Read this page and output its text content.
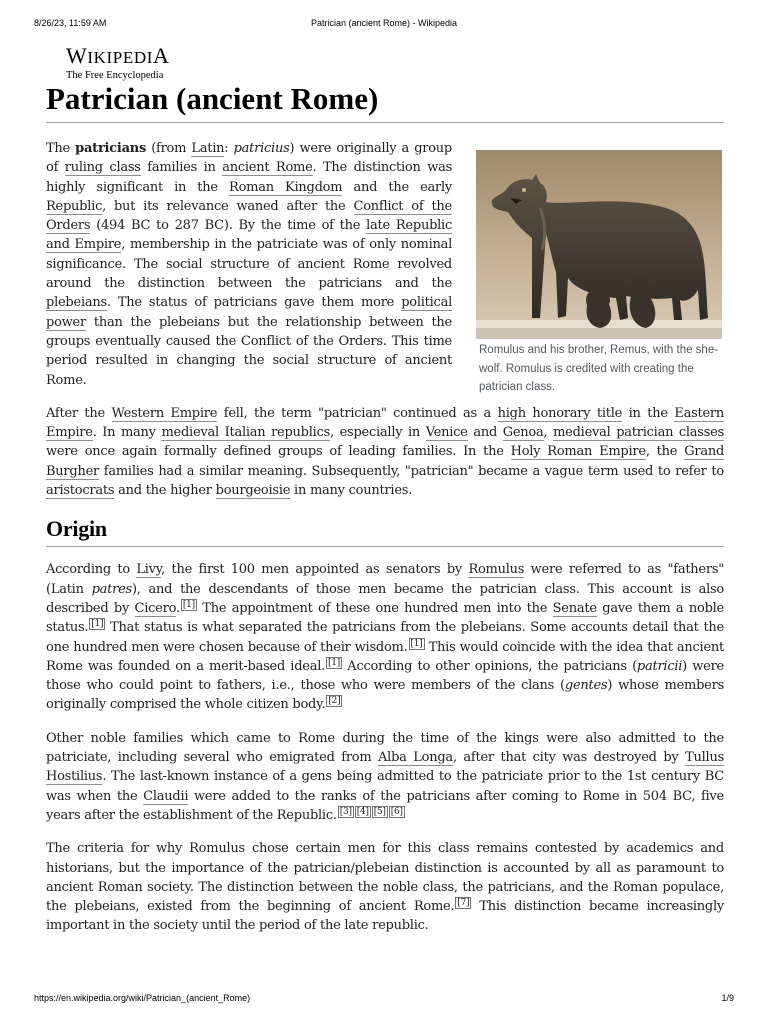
8/26/23, 11:59 AM	Patrician (ancient Rome) - Wikipedia
WIKIPEDIA
The Free Encyclopedia
Patrician (ancient Rome)
Romulus and his brother, Remus, with the she-wolf. Romulus is credited with creating the patrician class.

The patricians (from Latin: patricius) were originally a group of ruling class families in ancient Rome. The distinction was highly significant in the Roman Kingdom and the early Republic, but its relevance waned after the Conflict of the Orders (494 BC to 287 BC). By the time of the late Republic and Empire, membership in the patriciate was of only nominal significance. The social structure of ancient Rome revolved around the distinction between the patricians and the plebeians. The status of patricians gave them more political power than the plebeians but the relationship between the groups eventually caused the Conflict of the Orders. This time period resulted in changing the social structure of ancient Rome.

After the Western Empire fell, the term "patrician" continued as a high honorary title in the Eastern Empire. In many medieval Italian republics, especially in Venice and Genoa, medieval patrician classes were once again formally defined groups of leading families. In the Holy Roman Empire, the Grand Burgher families had a similar meaning. Subsequently, "patrician" became a vague term used to refer to aristocrats and the higher bourgeoisie in many countries.

Origin

According to Livy, the first 100 men appointed as senators by Romulus were referred to as "fathers" (Latin patres), and the descendants of those men became the patrician class. This account is also described by Cicero. [1] The appointment of these one hundred men into the Senate gave them a noble status. [1] That status is what separated the patricians from the plebeians. Some accounts detail that the one hundred men were chosen because of their wisdom. [1] This would coincide with the idea that ancient Rome was founded on a merit-based ideal. [1] According to other opinions, the patricians (patricii) were those who could point to fathers, i.e., those who were members of the clans (gentes) whose members originally comprised the whole citizen body. [2]

Other noble families which came to Rome during the time of the kings were also admitted to the patriciate, including several who emigrated from Alba Longa, after that city was destroyed by Tullus Hostilius. The last-known instance of a gens being admitted to the patriciate prior to the 1st century BC was when the Claudii were added to the ranks of the patricians after coming to Rome in 504 BC, five years after the establishment of the Republic. [3] [4] [5] [6]

The criteria for why Romulus chose certain men for this class remains contested by academics and historians, but the importance of the patrician/plebeian distinction is accounted by all as paramount to ancient Roman society. The distinction between the noble class, the patricians, and the Roman populace, the plebeians, existed from the beginning of ancient Rome. [7] This distinction became increasingly important in the society until the period of the late republic.

https://en.wikipedia.org/wiki/Patrician_(ancient_Rome)	1/9
